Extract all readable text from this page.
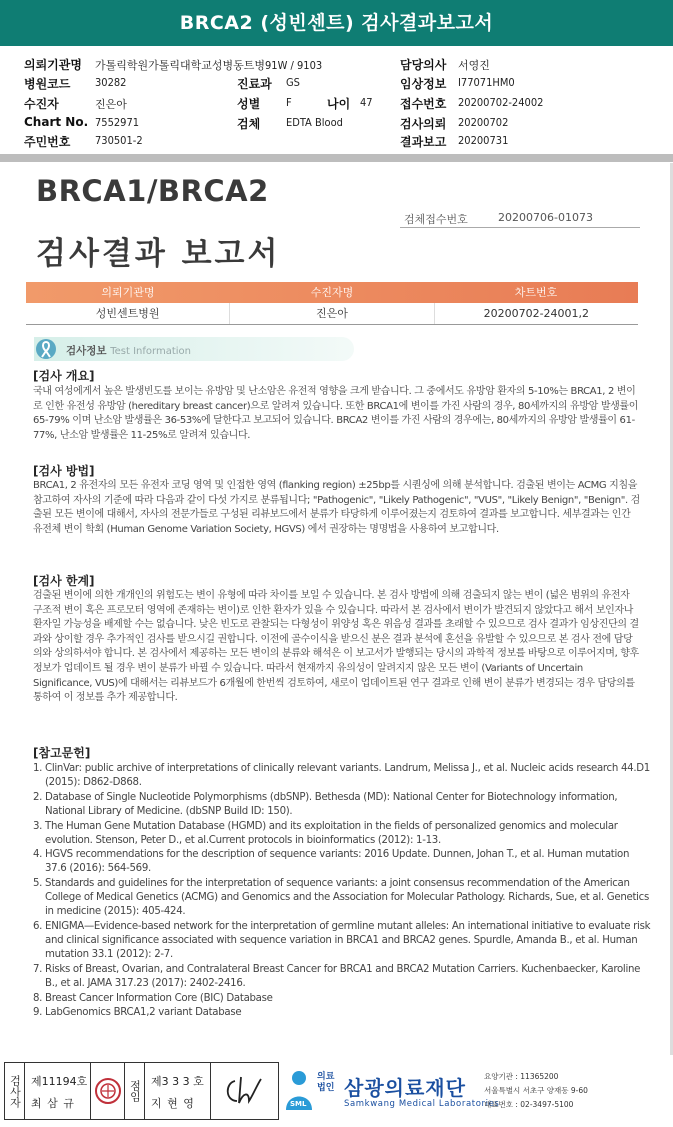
BRCA2 (성빈센트) 검사결과보고서
의뢰기관명 가톨릭학원가톨릭대학교성병동트병91W / 9103	담당의사 서영진
병원코드 30282	진료과 GS	임상정보 I77071HM0
수진자	진은아	성별 F	나이 47 접수번호 20200702-24002
Chart No. 7552971	검체 EDTA Blood	검사의뢰 20200702
주민번호 730501-2	결과보고 20200731
BRCA1/BRCA2
검사결과 보고서
검체접수번호	20200706-01073
의뢰기관명	수진자명	차트번호
성빈센트병원	진은아	20200702-24001,2
검사정보 Test Information
[검사 개요]
국내 여성에게서 높은 발생빈도를 보이는 유방암 및 난소암은 유전적 영향을 크게 받습니다. 그 중에서도 유방암 환자의 5-10%는 BRCA1, 2 변이로 인한 유전성 유방암 (hereditary breast cancer)으로 알려져 있습니다. 또한 BRCA1에 변이를 가진 사람의 경우, 80세까지의 유방암 발생률이 65-79% 이며 난소암 발생률은 36-53%에 달한다고 보고되어 있습니다. BRCA2 변이를 가진 사람의 경우에는, 80세까지의 유방암 발생률이 61-77%, 난소암 발생률은 11-25%로 알려져 있습니다.
[검사 방법]
BRCA1, 2 유전자의 모든 유전자 코딩 영역 및 인접한 영역 (flanking region) ±25bp를 시퀀싱에 의해 분석합니다. 검출된 변이는 ACMG 지침을 참고하여 자사의 기준에 따라 다음과 같이 다섯 가지로 분류됩니다; "Pathogenic", "Likely Pathogenic", "VUS", "Likely Benign", "Benign". 검출된 모든 변이에 대해서, 자사의 전문가들로 구성된 리뷰보드에서 분류가 타당하게 이루어졌는지 검토하여 결과를 보고합니다. 세부결과는 인간 유전체 변이 학회 (Human Genome Variation Society, HGVS) 에서 권장하는 명명법을 사용하여 보고합니다.
[검사 한계]
검출된 변이에 의한 개개인의 위험도는 변이 유형에 따라 차이를 보일 수 있습니다. 본 검사 방법에 의해 검출되지 않는 변이 (넓은 범위의 유전자 구조적 변이 혹은 프로모터 영역에 존재하는 변이)로 인한 환자가 있을 수 있습니다. 따라서 본 검사에서 변이가 발견되지 않았다고 해서 보인자나 환자일 가능성을 배제할 수는 없습니다. 낮은 빈도로 관찰되는 다형성이 위양성 혹은 위음성 결과를 초래할 수 있으므로 검사 결과가 임상진단의 결과와 상이할 경우 추가적인 검사를 받으시길 권합니다. 이전에 골수이식을 받으신 분은 결과 분석에 혼선을 유발할 수 있으므로 본 검사 전에 담당의와 상의하셔야 합니다. 본 검사에서 제공하는 모든 변이의 분류와 해석은 이 보고서가 발행되는 당시의 과학적 정보를 바탕으로 이루어지며, 향후 정보가 업데이트 될 경우 변이 분류가 바뀔 수 있습니다. 따라서 현재까지 유의성이 알려지지 않은 모든 변이 (Variants of Uncertain Significance, VUS)에 대해서는 리뷰보드가 6개월에 한번씩 검토하여, 새로이 업데이트된 연구 결과로 인해 변이 분류가 변경되는 경우 담당의를 통하여 이 정보를 추가 제공합니다.
[참고문헌]
1. ClinVar: public archive of interpretations of clinically relevant variants. Landrum, Melissa J., et al. Nucleic acids research 44.D1 (2015): D862-D868.
2. Database of Single Nucleotide Polymorphisms (dbSNP). Bethesda (MD): National Center for Biotechnology information, National Library of Medicine. (dbSNP Build ID: 150).
3. The Human Gene Mutation Database (HGMD) and its exploitation in the fields of personalized genomics and molecular evolution. Stenson, Peter D., et al.Current protocols in bioinformatics (2012): 1-13.
4. HGVS recommendations for the description of sequence variants: 2016 Update. Dunnen, Johan T., et al. Human mutation 37.6 (2016): 564-569.
5. Standards and guidelines for the interpretation of sequence variants: a joint consensus recommendation of the American College of Medical Genetics (ACMG) and Genomics and the Association for Molecular Pathology. Richards, Sue, et al. Genetics in medicine (2015): 405-424.
6. ENIGMA—Evidence-based network for the interpretation of germline mutant alleles: An international initiative to evaluate risk and clinical significance associated with sequence variation in BRCA1 and BRCA2 genes. Spurdle, Amanda B., et al. Human mutation 33.1 (2012): 2-7.
7. Risks of Breast, Ovarian, and Contralateral Breast Cancer for BRCA1 and BRCA2 Mutation Carriers. Kuchenbaecker, Karoline B., et al. JAMA 317.23 (2017): 2402-2416.
8. Breast Cancer Information Core (BIC) Database
9. LabGenomics BRCA1,2 variant Database
검사자 제11194호
최 삼 규
점임 제3 3 3 호
지 현 영	SML
의료
법인 삼광의료재단
Samkwang Medical Laboratories
요양기관 : 11365200
서울특별시 서초구 양재동 9-60
대표번호 : 02-3497-5100
